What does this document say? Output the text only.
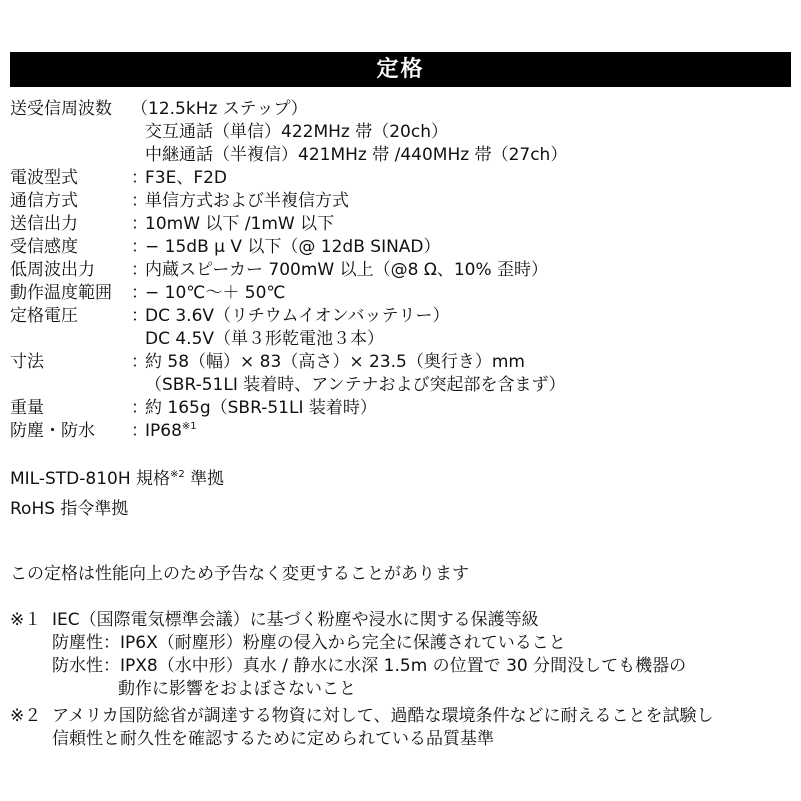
定格
送受信周波数 （12.5kHz ステップ）
交互通話（単信）422MHz 帯（20ch）
中継通話（半複信）421MHz 帯 /440MHz 帯（27ch）
電波型式	：
F3E、F2D
通信方式	：
単信方式および半複信方式
送信出力	：
10mW 以下 /1mW 以下
受信感度	：
− 15dB μ V 以下（@ 12dB SINAD）
低周波出力 ：
内蔵スピーカー 700mW 以上（@8 Ω、10% 歪時）
動作温度範囲 ：
− 10℃〜＋ 50℃
定格電圧	：
DC 3.6V（リチウムイオンバッテリー）
DC 4.5V（単３形乾電池３本）
寸法	：
約 58（幅）× 83（高さ）× 23.5（奥行き）mm
（SBR-51LI 装着時、アンテナおよび突起部を含まず）
重量	：
約 165g（SBR-51LI 装着時）
防塵・防水 ：
IP68$^{※1}$
MIL-STD-810H 規格$^{※2}$ 準拠
RoHS 指令準拠
この定格は性能向上のため予告なく変更することがあります
※１ IEC（国際電気標準会議）に基づく粉塵や浸水に関する保護等級
防塵性：IP6X（耐塵形）粉塵の侵入から完全に保護されていること
防水性：IPX8（水中形）真水 / 静水に水深 1.5m の位置で 30 分間没しても機器の
動作に影響をおよぼさないこと
※２ アメリカ国防総省が調達する物資に対して、過酷な環境条件などに耐えることを試験し
信頼性と耐久性を確認するために定められている品質基準
